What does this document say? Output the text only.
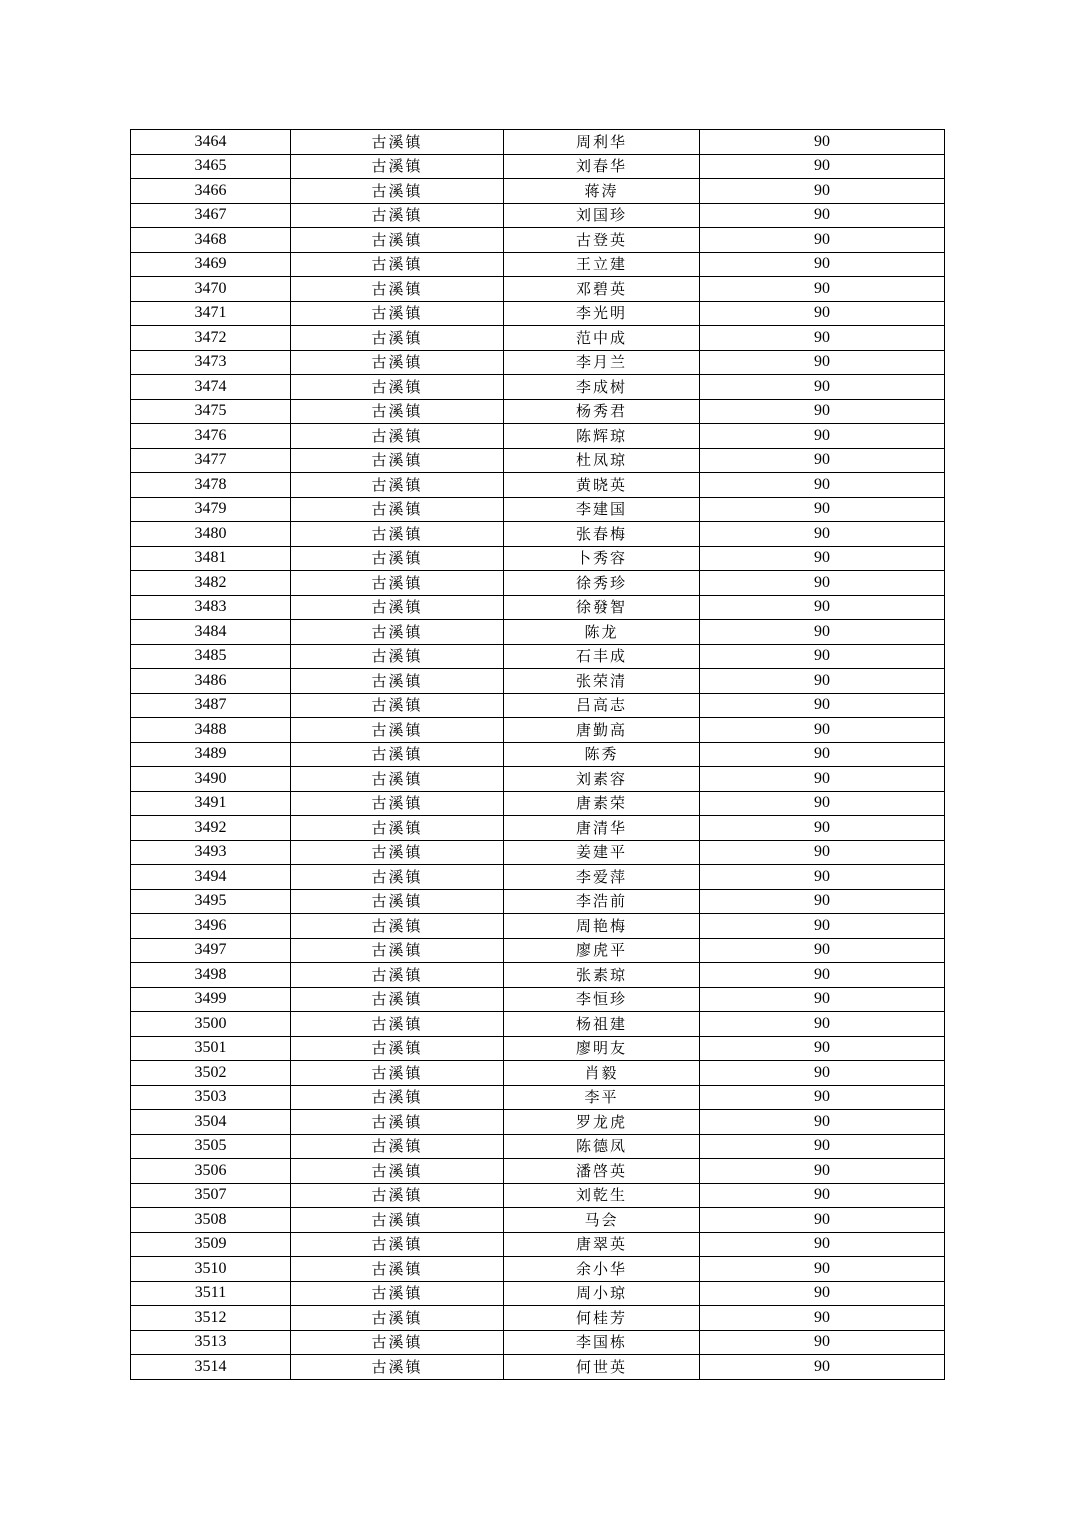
3464	古溪镇	周利华	90
3465	古溪镇	刘春华	90
3466	古溪镇	蒋涛	90
3467	古溪镇	刘国珍	90
3468	古溪镇	古登英	90
3469	古溪镇	王立建	90
3470	古溪镇	邓碧英	90
3471	古溪镇	李光明	90
3472	古溪镇	范中成	90
3473	古溪镇	李月兰	90
3474	古溪镇	李成树	90
3475	古溪镇	杨秀君	90
3476	古溪镇	陈辉琼	90
3477	古溪镇	杜凤琼	90
3478	古溪镇	黄晓英	90
3479	古溪镇	李建国	90
3480	古溪镇	张春梅	90
3481	古溪镇	卜秀容	90
3482	古溪镇	徐秀珍	90
3483	古溪镇	徐發智	90
3484	古溪镇	陈龙	90
3485	古溪镇	石丰成	90
3486	古溪镇	张荣清	90
3487	古溪镇	吕高志	90
3488	古溪镇	唐勤高	90
3489	古溪镇	陈秀	90
3490	古溪镇	刘素容	90
3491	古溪镇	唐素荣	90
3492	古溪镇	唐清华	90
3493	古溪镇	姜建平	90
3494	古溪镇	李爱萍	90
3495	古溪镇	李浩前	90
3496	古溪镇	周艳梅	90
3497	古溪镇	廖虎平	90
3498	古溪镇	张素琼	90
3499	古溪镇	李恒珍	90
3500	古溪镇	杨祖建	90
3501	古溪镇	廖明友	90
3502	古溪镇	肖毅	90
3503	古溪镇	李平	90
3504	古溪镇	罗龙虎	90
3505	古溪镇	陈德凤	90
3506	古溪镇	潘啓英	90
3507	古溪镇	刘乾生	90
3508	古溪镇	马会	90
3509	古溪镇	唐翠英	90
3510	古溪镇	余小华	90
3511	古溪镇	周小琼	90
3512	古溪镇	何桂芳	90
3513	古溪镇	李国栋	90
3514	古溪镇	何世英	90
